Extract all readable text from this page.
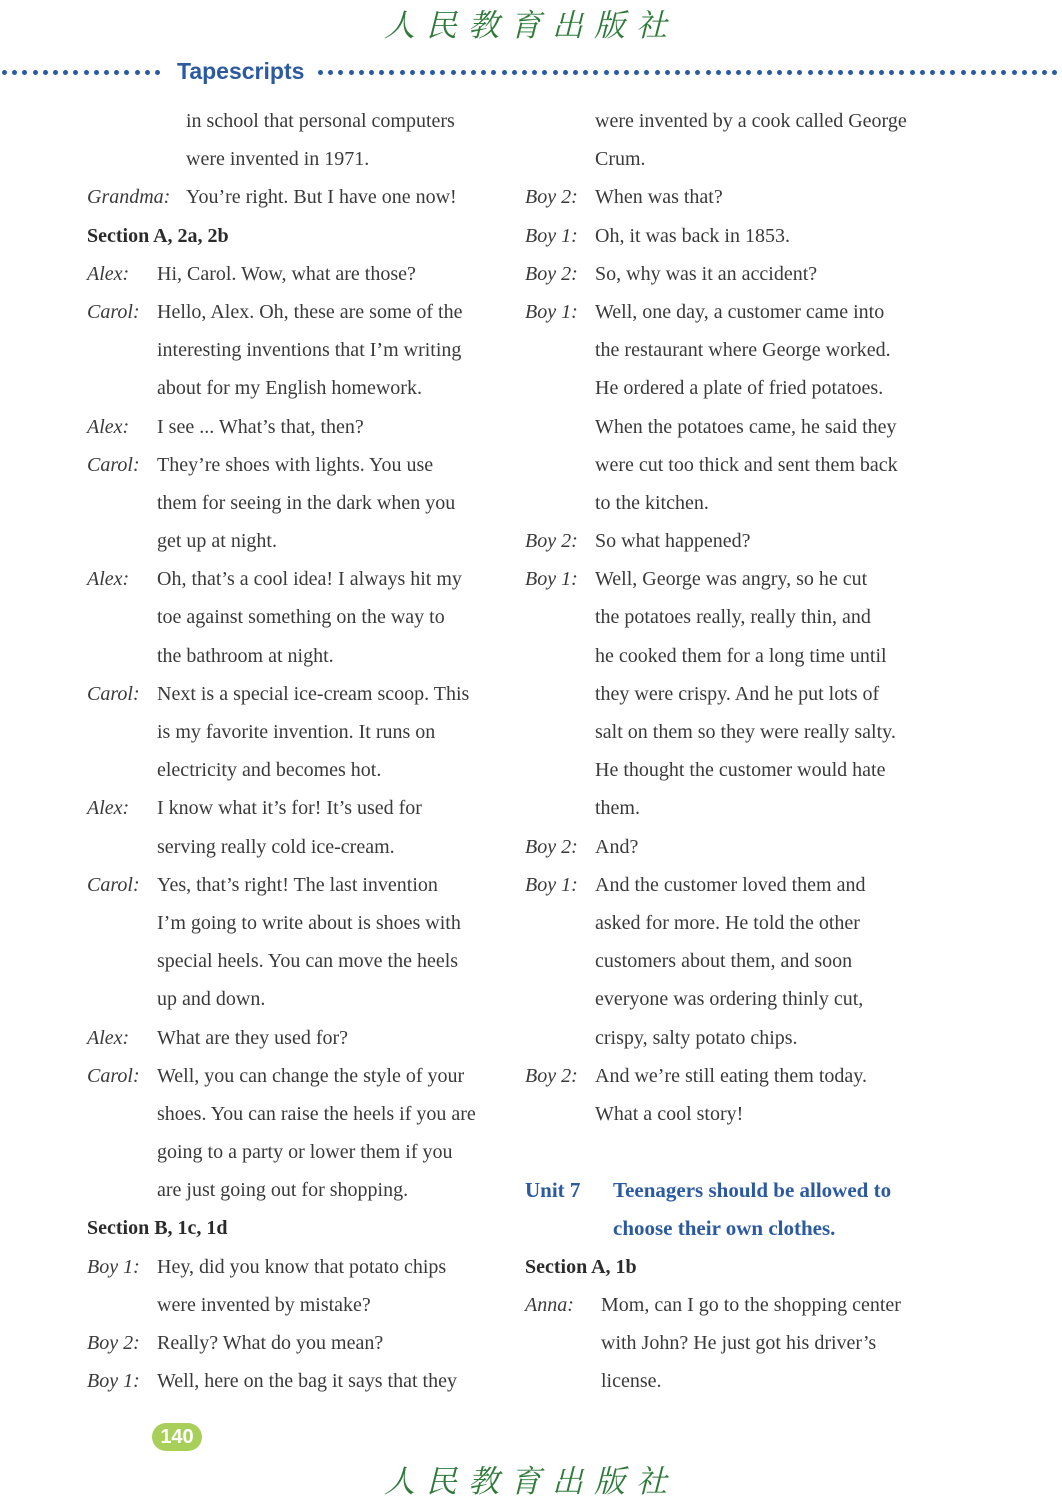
人民教育出版社
Tapescripts
in school that personal computers
were invented in 1971.
Grandma: You’re right. But I have one now!
Section A, 2a, 2b
Alex: Hi, Carol. Wow, what are those?
Carol: Hello, Alex. Oh, these are some of the
interesting inventions that I’m writing
about for my English homework.
Alex: I see ... What’s that, then?
Carol: They’re shoes with lights. You use
them for seeing in the dark when you
get up at night.
Alex: Oh, that’s a cool idea! I always hit my
toe against something on the way to
the bathroom at night.
Carol: Next is a special ice-cream scoop. This
is my favorite invention. It runs on
electricity and becomes hot.
Alex: I know what it’s for! It’s used for
serving really cold ice-cream.
Carol: Yes, that’s right! The last invention
I’m going to write about is shoes with
special heels. You can move the heels
up and down.
Alex: What are they used for?
Carol: Well, you can change the style of your
shoes. You can raise the heels if you are
going to a party or lower them if you
are just going out for shopping.
Section B, 1c, 1d
Boy 1: Hey, did you know that potato chips
were invented by mistake?
Boy 2: Really? What do you mean?
Boy 1: Well, here on the bag it says that they
were invented by a cook called George
Crum.
Boy 2: When was that?
Boy 1: Oh, it was back in 1853.
Boy 2: So, why was it an accident?
Boy 1: Well, one day, a customer came into
the restaurant where George worked.
He ordered a plate of fried potatoes.
When the potatoes came, he said they
were cut too thick and sent them back
to the kitchen.
Boy 2: So what happened?
Boy 1: Well, George was angry, so he cut
the potatoes really, really thin, and
he cooked them for a long time until
they were crispy. And he put lots of
salt on them so they were really salty.
He thought the customer would hate
them.
Boy 2: And?
Boy 1: And the customer loved them and
asked for more. He told the other
customers about them, and soon
everyone was ordering thinly cut,
crispy, salty potato chips.
Boy 2: And we’re still eating them today.
What a cool story!
Unit 7 Teenagers should be allowed to
choose their own clothes.
Section A, 1b
Anna: Mom, can I go to the shopping center
with John? He just got his driver’s
license.
140
人民教育出版社
